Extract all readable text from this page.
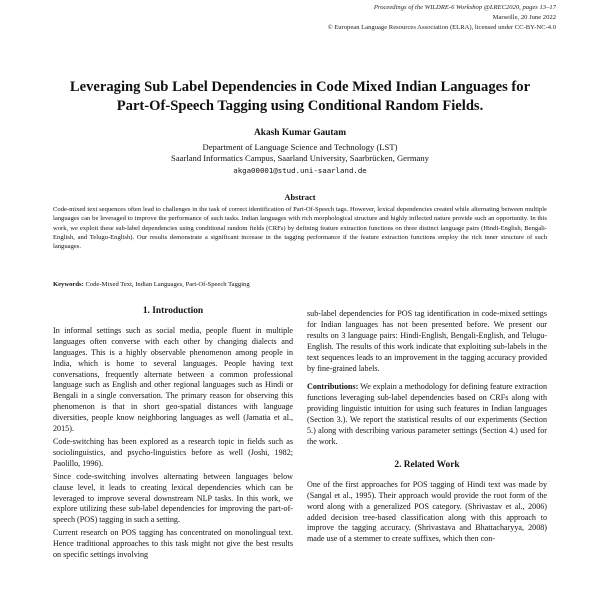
Proceedings of the WILDRE-6 Workshop @LREC2020, pages 13–17
Marseille, 20 June 2022
© European Language Resources Association (ELRA), licensed under CC-BY-NC-4.0
Leveraging Sub Label Dependencies in Code Mixed Indian Languages for
Part-Of-Speech Tagging using Conditional Random Fields.
Akash Kumar Gautam
Department of Language Science and Technology (LST)
Saarland Informatics Campus, Saarland University, Saarbrücken, Germany
akga00001@stud.uni-saarland.de
Abstract
Code-mixed text sequences often lead to challenges in the task of correct identification of Part-Of-Speech tags. However, lexical dependencies created while alternating between multiple languages can be leveraged to improve the performance of such tasks. Indian languages with rich morphological structure and highly inflected nature provide such an opportunity. In this work, we exploit these sub-label dependencies using conditional random fields (CRFs) by defining feature extraction functions on three distinct language pairs (Hindi-English, Bengali-English, and Telugu-English). Our results demonstrate a significant increase in the tagging performance if the feature extraction functions employ the rich inner structure of such languages.
Keywords: Code-Mixed Text, Indian Languages, Part-Of-Speech Tagging
1. Introduction

In informal settings such as social media, people fluent in multiple languages often converse with each other by changing dialects and languages. This is a highly observable phenomenon among people in India, which is home to several languages. People having text conversations, frequently alternate between a common professional language such as English and other regional languages such as Hindi or Bengali in a single conversation. The primary reason for observing this phenomenon is that in short geo-spatial distances with language diversities, people know neighboring languages as well (Jamatia et al., 2015).

Code-switching has been explored as a research topic in fields such as sociolinguistics, and psycho-linguistics before as well (Joshi, 1982; Paolillo, 1996).

Since code-switching involves alternating between languages below clause level, it leads to creating lexical dependencies which can be leveraged to improve several downstream NLP tasks. In this work, we explore utilizing these sub-label dependencies for improving the part-of-speech (POS) tagging in such a setting.

Current research on POS tagging has concentrated on monolingual text. Hence traditional approaches to this task might not give the best results on specific settings involving

sub-label dependencies for POS tag identification in code-mixed settings for Indian languages has not been presented before. We present our results on 3 language pairs: Hindi-English, Bengali-English, and Telugu-English. The results of this work indicate that exploiting sub-labels in the text sequences leads to an improvement in the tagging accuracy provided by fine-grained labels.

Contributions: We explain a methodology for defining feature extraction functions leveraging sub-label dependencies based on CRFs along with providing linguistic intuition for using such features in Indian languages (Section 3.). We report the statistical results of our experiments (Section 5.) along with describing various parameter settings (Section 4.) used for the work.

2. Related Work

One of the first approaches for POS tagging of Hindi text was made by (Sangal et al., 1995). Their approach would provide the root form of the word along with a generalized POS category. (Shrivastav et al., 2006) added decision tree-based classification along with this approach to improve the tagging accuracy. (Shrivastava and Bhattacharyya, 2008) made use of a stemmer to create suffixes, which then con-
